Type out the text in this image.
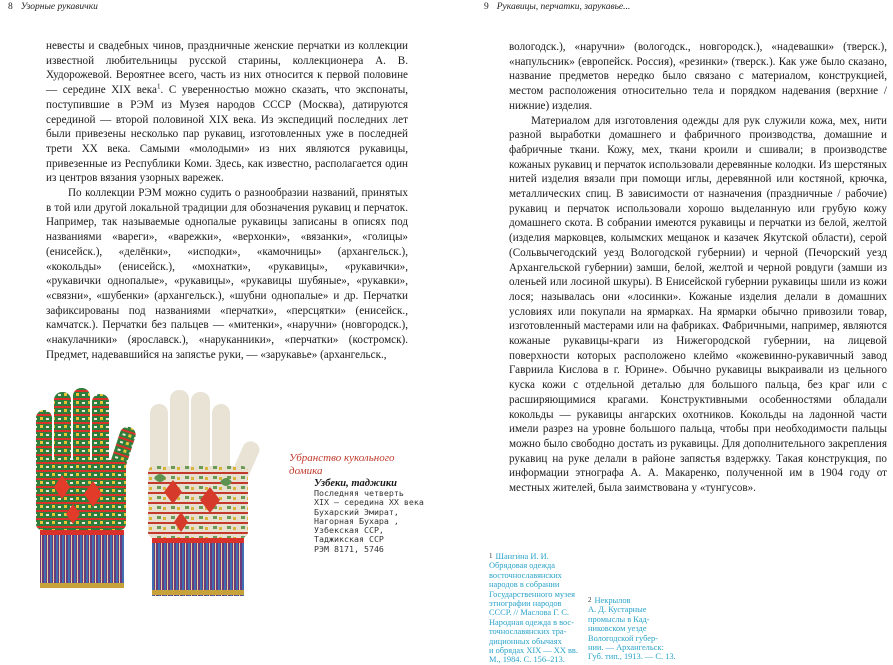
8 Узорные рукавички	9 Рукавицы, перчатки, зарукавье...

невесты и свадебных чинов, праздничные женские перчатки из коллекции известной любительницы русской старины, коллекционера А. В. Худорожевой. Вероятнее всего, часть из них относится к первой половине — середине XIX века$^1$. С уверенностью можно сказать, что экспонаты, поступившие в РЭМ из Музея народов СССР (Москва), датируются серединой — второй половиной XIX века. Из экспедиций последних лет были привезены несколько пар рукавиц, изготовленных уже в последней трети XX века. Самыми «молодыми» из них являются рукавицы, привезенные из Республики Коми. Здесь, как известно, располагается один из центров вязания узорных варежек.

По коллекции РЭМ можно судить о разнообразии названий, принятых в той или другой локальной традиции для обозначения рукавиц и перчаток. Например, так называемые однопалые рукавицы записаны в описях под названиями «вареги», «варежки», «верхонки», «вязанки», «голицы» (енисейск.), «делёнки», «исподки», «камочницы» (архангельск.), «кокольды» (енисейск.), «мохнатки», «рукавицы», «рукавички», «рукавички однопалые», «рукавицы», «рукавицы шубяные», «рукавки», «связни», «шубенки» (архангельск.), «шубни однопалые» и др. Перчатки зафиксированы под названиями «перчатки», «персцятки» (енисейск., камчатск.). Перчатки без пальцев — «митенки», «наручни» (новгородск.), «накулачники» (ярославск.), «наруканники», «перчатки» (костромск). Предмет, надевавшийся на запястье руки, — «зарукавье» (архангельск.,

Убранство кукольного домика
Узбеки, таджики
Последняя четверть
XIX — середина XX века
Бухарский Эмират,
Нагорная Бухара ,
Узбекская ССР,
Таджикская ССР
РЭМ 8171, 5746

вологодск.), «наручни» (вологодск., новгородск.), «надевашки» (тверск.), «напульсник» (европейск. Россия), «резинки» (тверск.). Как уже было сказано, название предметов нередко было связано с материалом, конструкцией, местом расположения относительно тела и порядком надевания (верхние / нижние) изделия.

Материалом для изготовления одежды для рук служили кожа, мех, нити разной выработки домашнего и фабричного производства, домашние и фабричные ткани. Кожу, мех, ткани кроили и сшивали; в производстве кожаных рукавиц и перчаток использовали деревянные колодки. Из шерстяных нитей изделия вязали при помощи иглы, деревянной или костяной, крючка, металлических спиц. В зависимости от назначения (праздничные / рабочие) рукавиц и перчаток использовали хорошо выделанную или грубую кожу домашнего скота. В собрании имеются рукавицы и перчатки из белой, желтой (изделия марковцев, колымских мещанок и казачек Якутской области), серой (Сольвычегодский уезд Вологодской губернии) и черной (Печорский уезд Архангельской губернии) замши, белой, желтой и черной ровдуги (замши из оленьей или лосиной шкуры). В Енисейской губернии рукавицы шили из кожи лося; называлась они «лосинки». Кожаные изделия делали в домашних условиях или покупали на ярмарках. На ярмарки обычно привозили товар, изготовленный мастерами или на фабриках. Фабричными, например, являются кожаные рукавицы-краги из Нижегородской губернии, на лицевой поверхности которых расположено клеймо «кожевинно-рукавичный завод Гавриила Кислова в г. Юрине». Обычно рукавицы выкраивали из цельного куска кожи с отдельной деталью для большого пальца, без краг или с расширяющимися крагами. Конструктивными особенностями обладали кокольды — рукавицы ангарских охотников. Кокольды на ладонной части имели разрез на уровне большого пальца, чтобы при необходимости пальцы можно было свободно достать из рукавицы. Для дополнительного закрепления рукавиц на руке делали в районе запястья вздержку. Такая конструкция, по информации этнографа А. А. Макаренко, полученной им в 1904 году от местных жителей, была заимствована у «тунгусов».

$^1$ Шангина И. И.
Обрядовая одежда
восточнославянских
народов в собрании
Государственного музея
этнографии народов
СССР. // Маслова Г. С.
Народная одежда в вос-
точнославянских тра-
диционных обычаях
и обрядах XIX — XX вв.
М., 1984. С. 156–213.
$^2$ Некрылов
А. Д. Кустарные
промыслы в Кад-
никовском уезде
Вологодской губер-
нии. — Архангельск:
Губ. тип., 1913. — С. 13.
